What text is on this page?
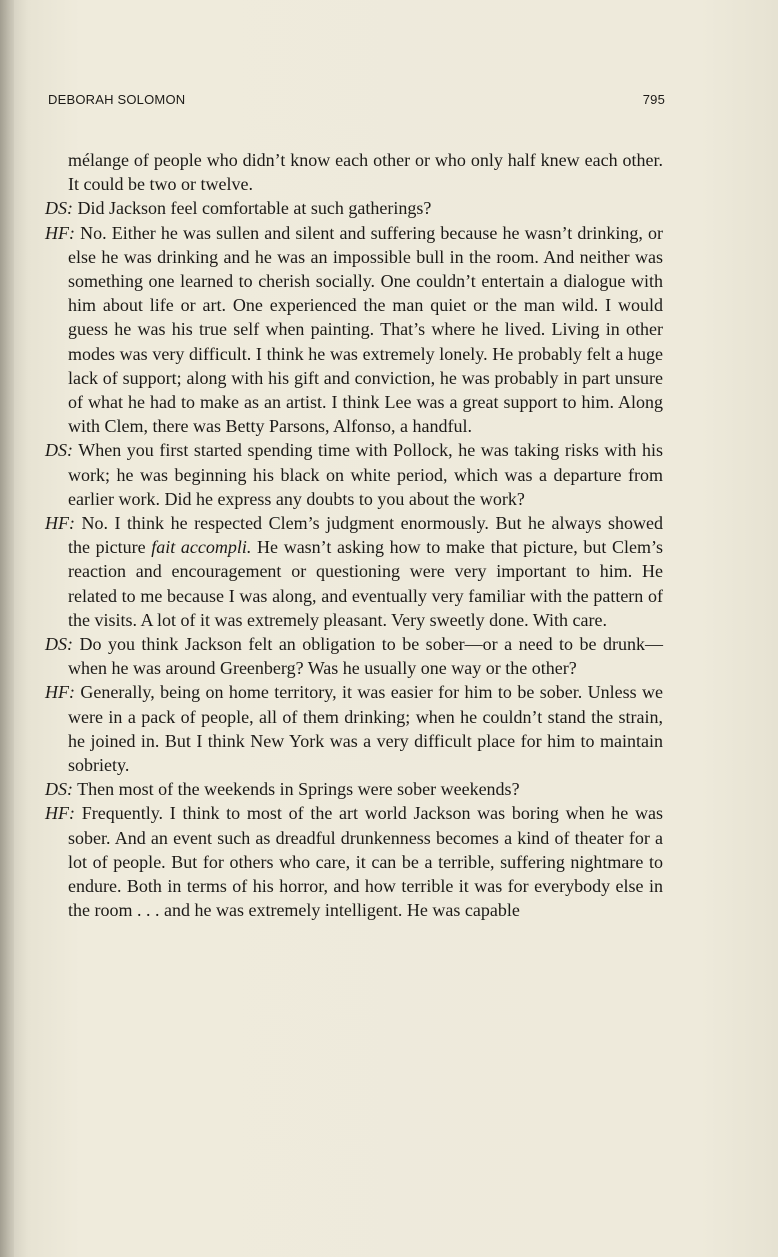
DEBORAH SOLOMON	795

mélange of people who didn’t know each other or who only half knew each other. It could be two or twelve.

DS: Did Jackson feel comfortable at such gatherings?

HF: No. Either he was sullen and silent and suffering because he wasn’t drinking, or else he was drinking and he was an impossible bull in the room. And neither was something one learned to cherish socially. One couldn’t entertain a dialogue with him about life or art. One experienced the man quiet or the man wild. I would guess he was his true self when painting. That’s where he lived. Living in other modes was very difficult. I think he was extremely lonely. He probably felt a huge lack of support; along with his gift and conviction, he was probably in part unsure of what he had to make as an artist. I think Lee was a great support to him. Along with Clem, there was Betty Parsons, Alfonso, a handful.

DS: When you first started spending time with Pollock, he was taking risks with his work; he was beginning his black on white period, which was a departure from earlier work. Did he express any doubts to you about the work?

HF: No. I think he respected Clem’s judgment enormously. But he always showed the picture fait accompli. He wasn’t asking how to make that picture, but Clem’s reaction and encouragement or questioning were very important to him. He related to me because I was along, and eventually very familiar with the pattern of the visits. A lot of it was extremely pleasant. Very sweetly done. With care.

DS: Do you think Jackson felt an obligation to be sober—or a need to be drunk—when he was around Greenberg? Was he usually one way or the other?

HF: Generally, being on home territory, it was easier for him to be sober. Unless we were in a pack of people, all of them drinking; when he couldn’t stand the strain, he joined in. But I think New York was a very difficult place for him to maintain sobriety.

DS: Then most of the weekends in Springs were sober weekends?

HF: Frequently. I think to most of the art world Jackson was boring when he was sober. And an event such as dreadful drunkenness becomes a kind of theater for a lot of people. But for others who care, it can be a terrible, suffering nightmare to endure. Both in terms of his horror, and how terrible it was for everybody else in the room . . . and he was extremely intelligent. He was capable
